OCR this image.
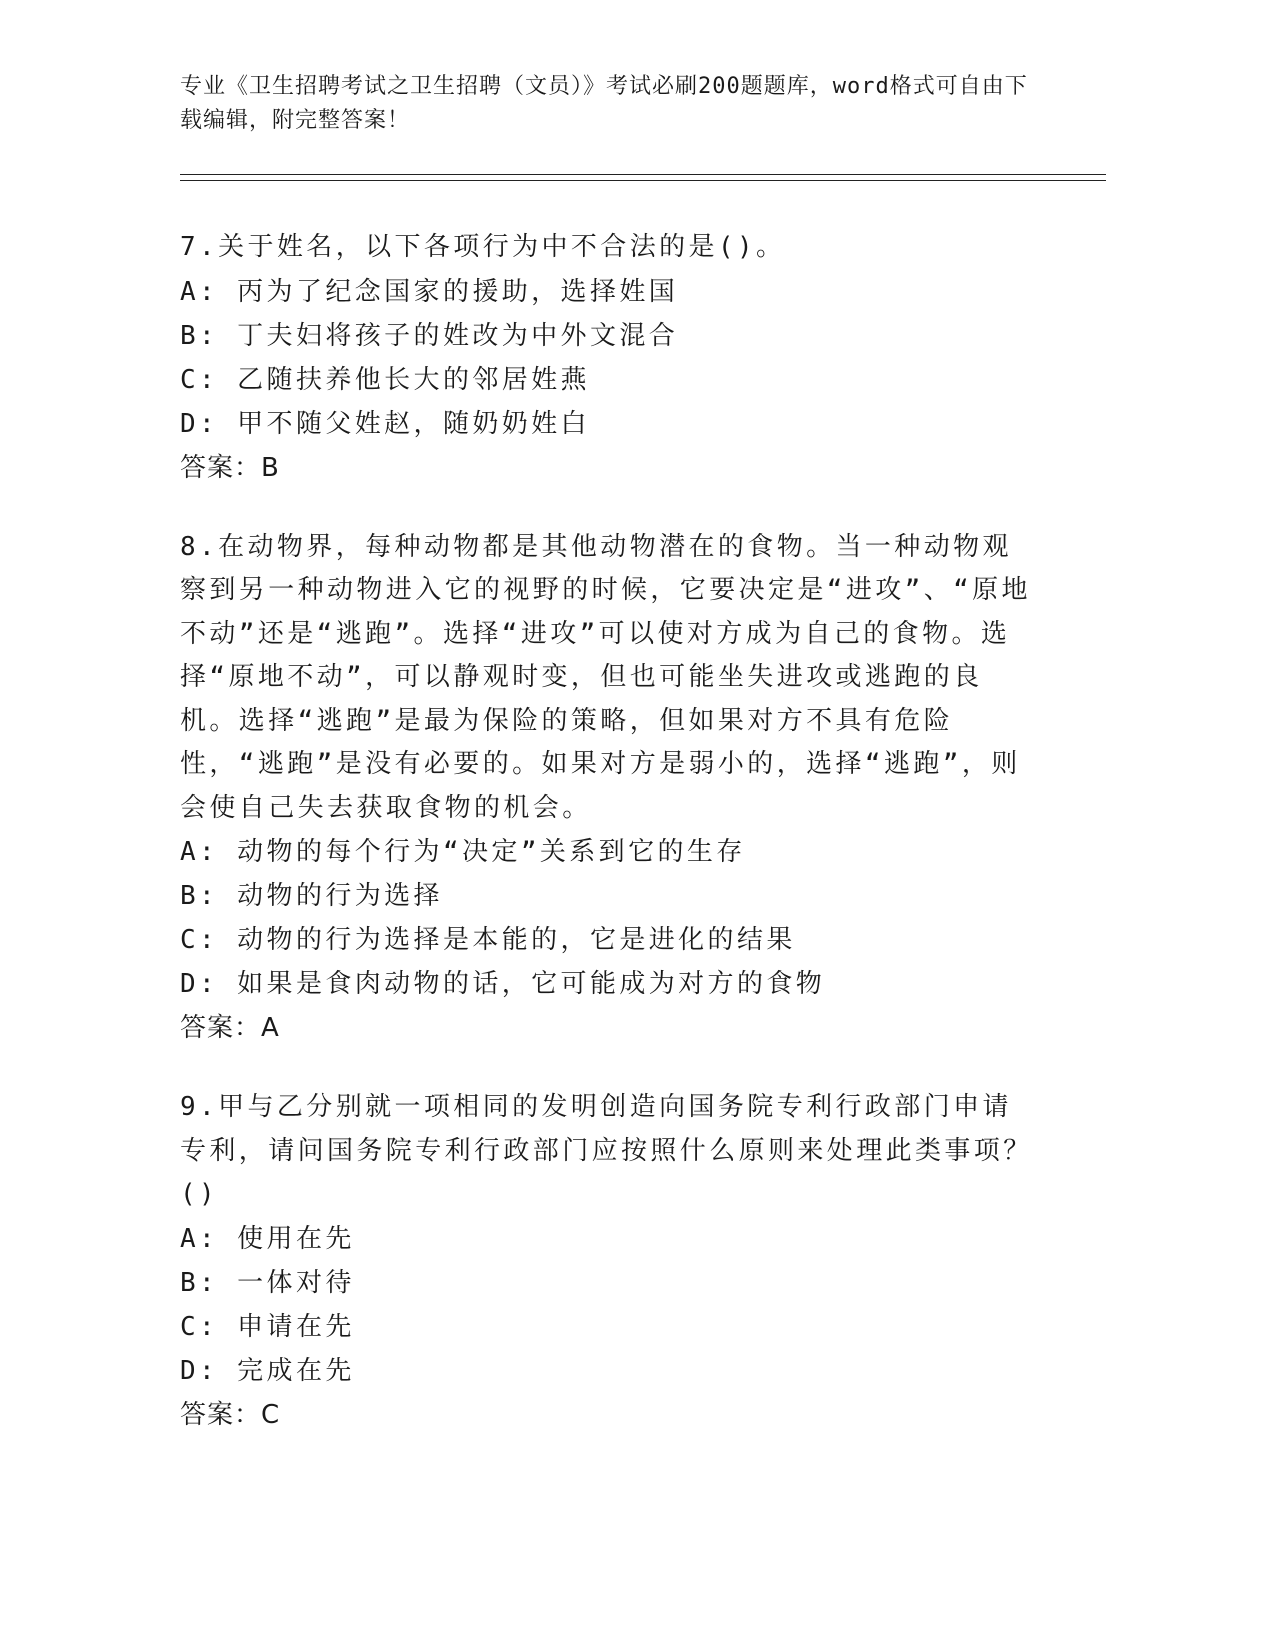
专业《卫生招聘考试之卫生招聘（文员）》考试必刷200题题库，word格式可自由下载编辑，附完整答案！

7.关于姓名，以下各项行为中不合法的是()。

A: 丙为了纪念国家的援助，选择姓国

B: 丁夫妇将孩子的姓改为中外文混合

C: 乙随扶养他长大的邻居姓燕

D: 甲不随父姓赵，随奶奶姓白

答案：B

8.在动物界，每种动物都是其他动物潜在的食物。当一种动物观察到另一种动物进入它的视野的时候，它要决定是“进攻”、“原地不动”还是“逃跑”。选择“进攻”可以使对方成为自己的食物。选择“原地不动”，可以静观时变，但也可能坐失进攻或逃跑的良机。选择“逃跑”是最为保险的策略，但如果对方不具有危险性，“逃跑”是没有必要的。如果对方是弱小的，选择“逃跑”，则会使自己失去获取食物的机会。

A: 动物的每个行为“决定”关系到它的生存

B: 动物的行为选择

C: 动物的行为选择是本能的，它是进化的结果

D: 如果是食肉动物的话，它可能成为对方的食物

答案：A

9.甲与乙分别就一项相同的发明创造向国务院专利行政部门申请专利，请问国务院专利行政部门应按照什么原则来处理此类事项？()

A: 使用在先

B: 一体对待

C: 申请在先

D: 完成在先

答案：C
